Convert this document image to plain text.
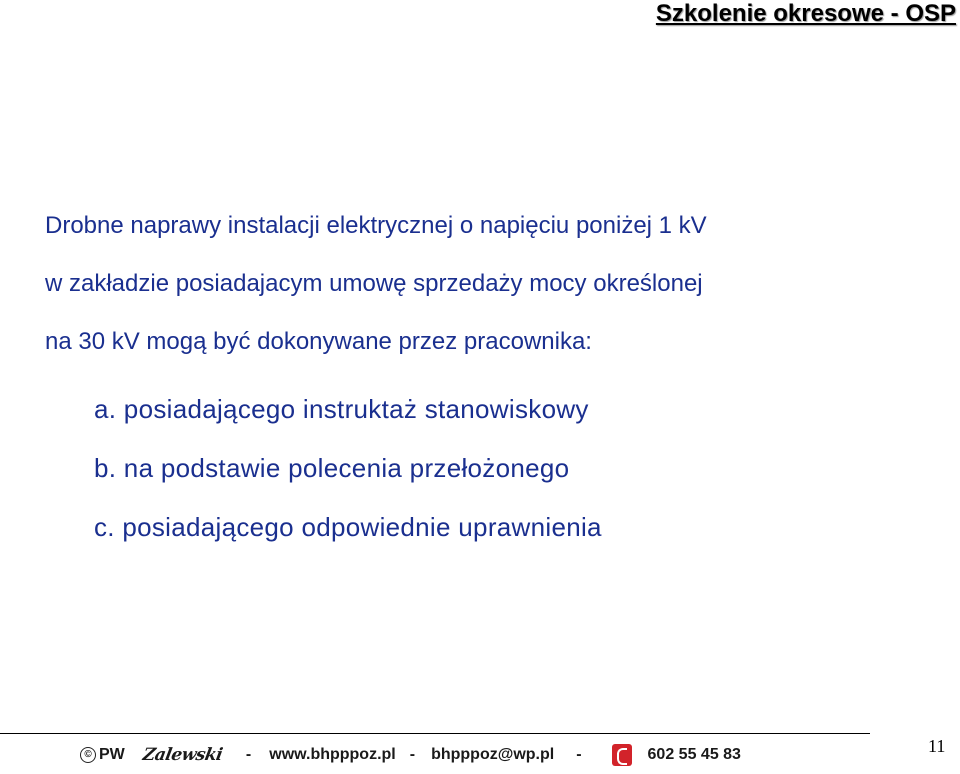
Szkolenie okresowe - OSP
Drobne naprawy instalacji elektrycznej o napięciu poniżej 1 kV
w zakładzie posiadajacym umowę sprzedaży mocy określonej
na 30 kV mogą być dokonywane przez pracownika:
a. posiadającego instruktaż stanowiskowy
b. na podstawie polecenia przełożonego
c. posiadającego odpowiednie uprawnienia
© PW Zalewski - www.bhpppoz.pl - bhpppoz@wp.pl -	602 55 45 83	11
